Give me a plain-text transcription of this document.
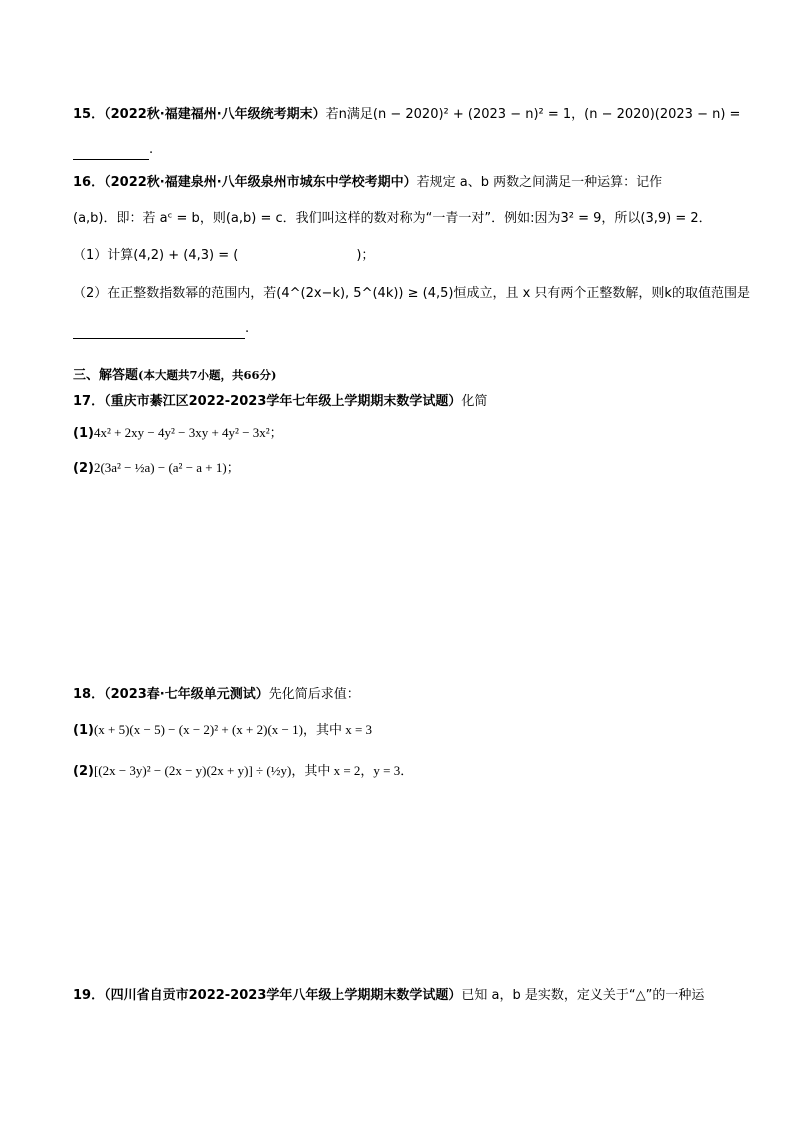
15．（2022秋·福建福州·八年级统考期末）若n满足(n − 2020)² + (2023 − n)² = 1，(n − 2020)(2023 − n) =
.
16．（2022秋·福建泉州·八年级泉州市城东中学校考期中）若规定 a、b 两数之间满足一种运算：记作
(a,b)．即：若 aᶜ = b，则(a,b) = c．我们叫这样的数对称为“一青一对”．例如:因为3² = 9，所以(3,9) = 2．
（1）计算(4,2) + (4,3) = (	)；
（2）在正整数指数幂的范围内，若(4^(2x−k), 5^(4k)) ≥ (4,5)恒成立，且 x 只有两个正整数解，则k的取值范围是
.
三、解答题(本大题共7小题，共66分)
17．（重庆市綦江区2022-2023学年七年级上学期期末数学试题）化简
(1)4x² + 2xy − 4y² − 3xy + 4y² − 3x²；
(2)2(3a² − ½a) − (a² − a + 1)；
18．（2023春·七年级单元测试）先化简后求值：
(1)(x + 5)(x − 5) − (x − 2)² + (x + 2)(x − 1)，其中 x = 3
(2)[(2x − 3y)² − (2x − y)(2x + y)] ÷ (½y)，其中 x = 2，y = 3．
19．（四川省自贡市2022-2023学年八年级上学期期末数学试题）已知 a，b 是实数，定义关于“△”的一种运
